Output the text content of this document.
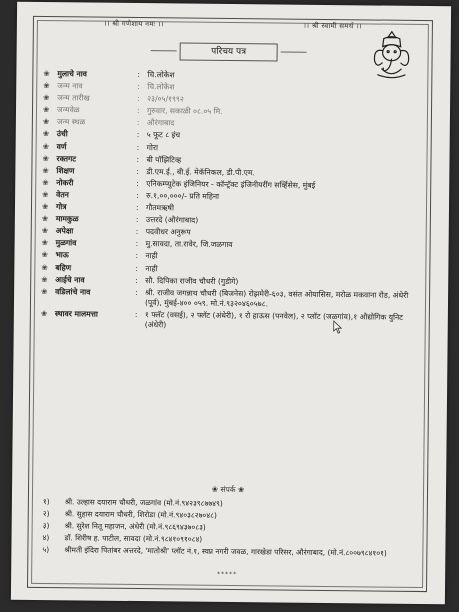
।। श्री गणेशाय नमः ।।	।। श्री स्वामी समर्थ ।।
परिचय पत्र
❀ मुलाचे नाव	: चि.लोकेश
❀ जन्म नाव	: चि.लोकेश
❀ जन्म तारीख	: २३/०५/१९९२
❀ जन्मवेळ	: गुरुवार, सकाळी ०८.०५ मि.
❀ जन्म स्थळ	: औरंगाबाद
❀ उंची	: ५ फूट ८ इंच
❀ वर्ण	: गोरा
❀ रक्तगट	: बी पॉझिटिव्ह
❀ शिक्षण	: डी.एम.ई., बी.ई. मेकॅनिकल, डी.पी.एम.
❀ नोकरी	: एनिकम्प्युटेक इंजिनियर - कॉन्ट्रॅक्ट इंजिनीयरींग सर्व्हिसेस, मुंबई
❀ वेतन	: रु.१,००,०००/- प्रति महिना
❀ गोत्र	: गौतमऋषी
❀ मामकुळ	: उत्तरदे (औरंगाबाद)
❀ अपेक्षा	: पदवीधर अनुरूप
❀ मुळगांव	: मु.सावदा, ता.रावेर, जि.जळगाव
❀ भाऊ	: नाही
❀ बहिण	: नाही
❀ आईचे नाव	: सौ. दिपिका राजीव चौधरी (गुडीगे)
❀ वडिलांचे नाव	: श्री. राजीव जगन्नाथ चौधरी (बिजनेस) रोझमेरी-६०३, वसंत ओयासिस, मरोळ मकवाना रोड, अंधेरी (पूर्व), मुंबई-४०० ०५९. मो.नं.९३२०४६०५७८.
❀ स्थावर मालमत्ता	: १ फ्लॅट (वसई), २ फ्लॅट (अंधेरी), १ रो हाऊस (पनवेल), २ प्लॉट (जळगांव),१ औद्योगिक युनिट (अंधेरी)
❀ संपर्क ❀
१)	श्री. उल्हास दयाराम चौधरी, जळगांव (मो.नं.९४२३९८७७४९)
२)	श्री. सुहास दयाराम चौधरी, शिरोडा (मो.नं.९४०३८२७०४८)
३)	श्री. सुरेश नितू महाजन, अंधेरी (मो.नं.९८६९४३७०८३)
४)	डॉ. शिरीष ह. पाटील, सावदा (मो.नं.९८४१०९१०८४)
५)	श्रीमती इंदिरा पितांबर अत्तरदे, 'मातोश्री' प्लॉट नं.१, स्वप्न नगरी जवळ, गारखेडा परिसर, औरंगाबाद, (मो.नं.८००७९८४१०१)
*****
